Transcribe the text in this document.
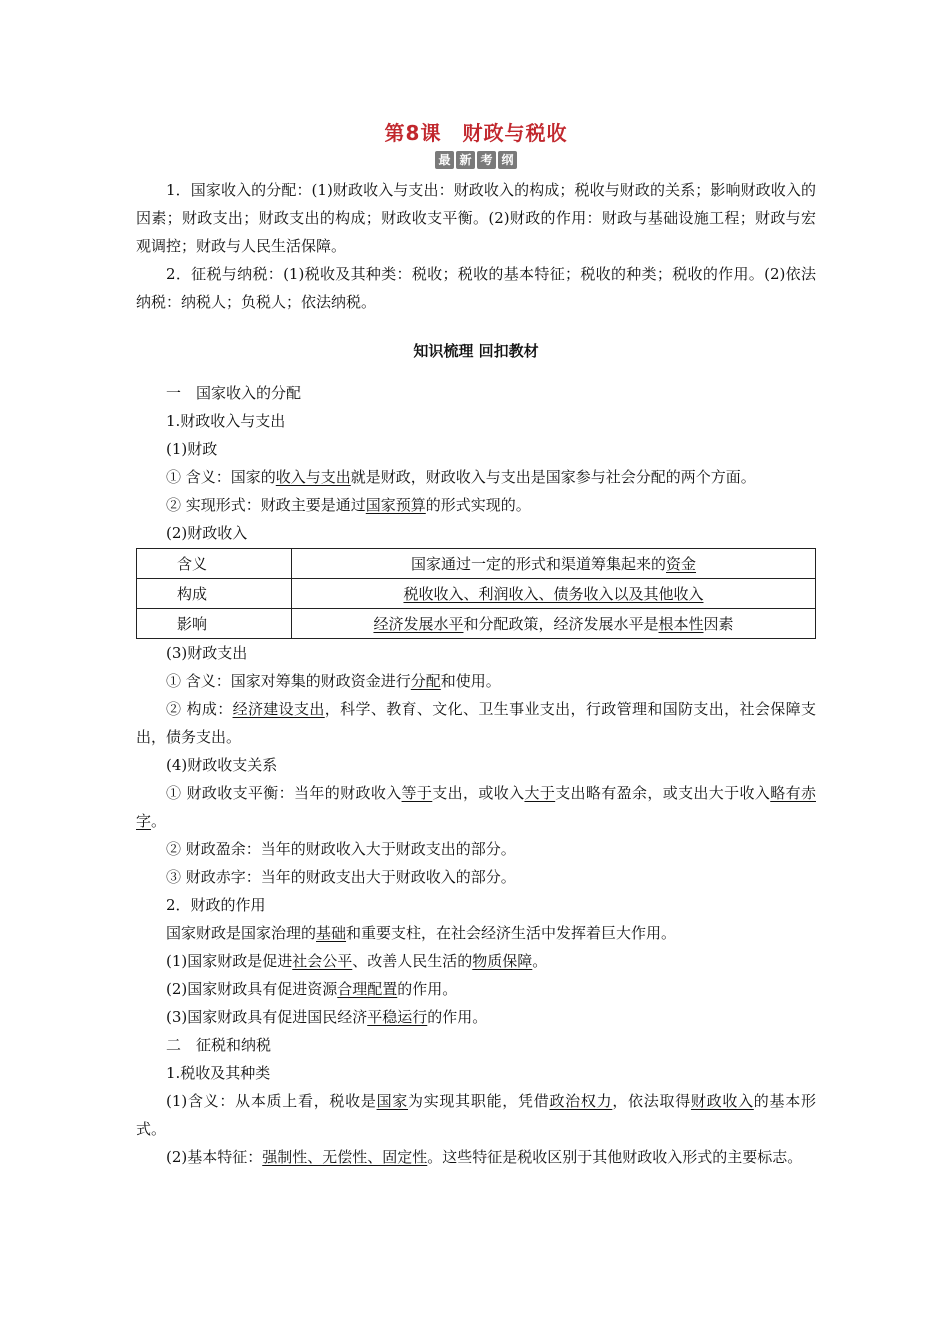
第8课　财政与税收
最 新 考 纲

1．国家收入的分配：(1)财政收入与支出：财政收入的构成；税收与财政的关系；影响财政收入的因素；财政支出；财政支出的构成；财政收支平衡。(2)财政的作用：财政与基础设施工程；财政与宏观调控；财政与人民生活保障。

2．征税与纳税：(1)税收及其种类：税收；税收的基本特征；税收的种类；税收的作用。(2)依法纳税：纳税人；负税人；依法纳税。

知识梳理 回扣教材

一　国家收入的分配

1.财政收入与支出

(1)财政

① 含义：国家的收入与支出就是财政，财政收入与支出是国家参与社会分配的两个方面。

② 实现形式：财政主要是通过国家预算的形式实现的。

(2)财政收入

含义	国家通过一定的形式和渠道筹集起来的资金
构成	税收收入、利润收入、债务收入以及其他收入
影响	经济发展水平和分配政策，经济发展水平是根本性因素

(3)财政支出

① 含义：国家对筹集的财政资金进行分配和使用。

② 构成：经济建设支出，科学、教育、文化、卫生事业支出，行政管理和国防支出，社会保障支出，债务支出。

(4)财政收支关系

① 财政收支平衡：当年的财政收入等于支出，或收入大于支出略有盈余，或支出大于收入略有赤字。

② 财政盈余：当年的财政收入大于财政支出的部分。

③ 财政赤字：当年的财政支出大于财政收入的部分。

2．财政的作用

国家财政是国家治理的基础和重要支柱，在社会经济生活中发挥着巨大作用。

(1)国家财政是促进社会公平、改善人民生活的物质保障。

(2)国家财政具有促进资源合理配置的作用。

(3)国家财政具有促进国民经济平稳运行的作用。

二　征税和纳税

1.税收及其种类

(1)含义：从本质上看，税收是国家为实现其职能，凭借政治权力，依法取得财政收入的基本形式。

(2)基本特征：强制性、无偿性、固定性。这些特征是税收区别于其他财政收入形式的主要标志。
